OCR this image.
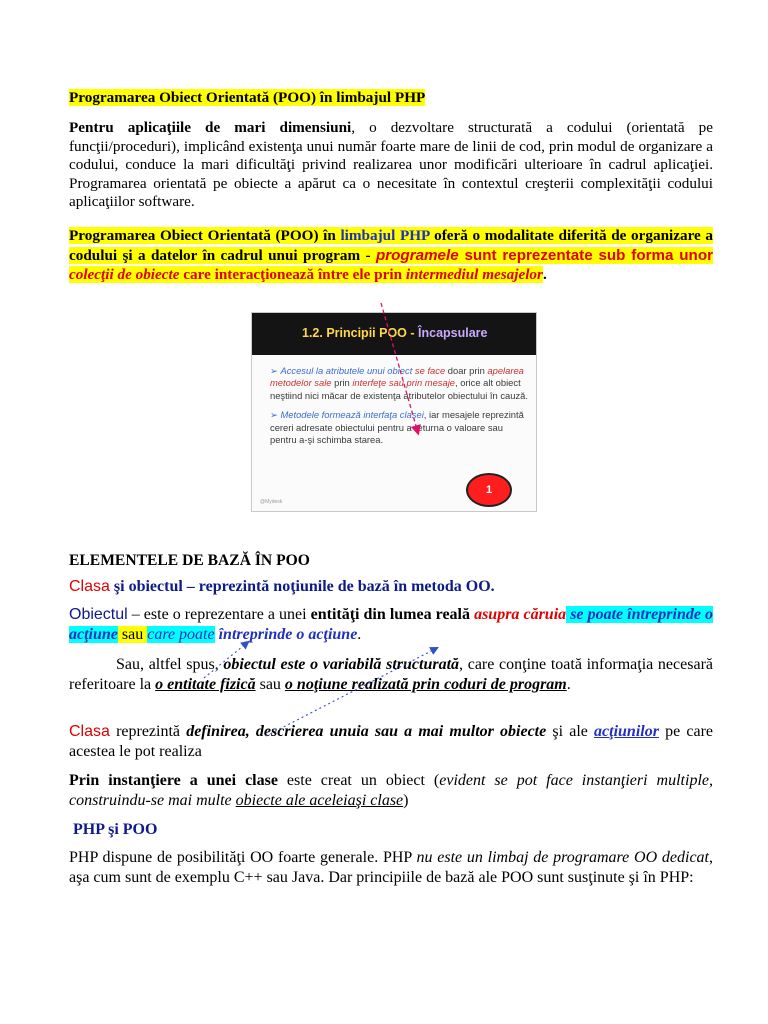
Programarea Obiect Orientată (POO) în limbajul PHP

Pentru aplicaţiile de mari dimensiuni, o dezvoltare structurată a codului (orientată pe funcţii/proceduri), implicând existenţa unui număr foarte mare de linii de cod, prin modul de organizare a codului, conduce la mari dificultăţi privind realizarea unor modificări ulterioare în cadrul aplicaţiei. Programarea orientată pe obiecte a apărut ca o necesitate în contextul creşterii complexităţii codului aplicaţiilor software.

Programarea Obiect Orientată (POO) în limbajul PHP oferă o modalitate diferită de organizare a codului şi a datelor în cadrul unui program - programele sunt reprezentate sub forma unor colecţii de obiecte care interacţionează între ele prin intermediul mesajelor.

1.2. Principii POO - Încapsulare

➢ Accesul la atributele unui obiect se face doar prin apelarea metodelor sale prin interfeţe sau prin mesaje, orice alt obiect neştiind nici măcar de existenţa atributelor obiectului în cauză.

➢ Metodele formează interfaţa clasei, iar mesajele reprezintă cereri adresate obiectului pentru a returna o valoare sau pentru a-şi schimba starea.

@Mydesk
1

ELEMENTELE DE BAZĂ ÎN POO

Clasa şi obiectul – reprezintă noţiunile de bază în metoda OO.

Obiectul – este o reprezentare a unei entităţi din lumea reală asupra căruia se poate întreprinde o acţiune sau care poate întreprinde o acţiune.

Sau, altfel spus, obiectul este o variabilă structurată, care conţine toată informaţia necesară referitoare la o entitate fizică sau o noţiune realizată prin coduri de program.

Clasa reprezintă definirea, descrierea unuia sau a mai multor obiecte şi ale acţiunilor pe care acestea le pot realiza

Prin instanţiere a unei clase este creat un obiect (evident se pot face instanţieri multiple, construindu-se mai multe obiecte ale aceleiaşi clase)

PHP şi POO

PHP dispune de posibilităţi OO foarte generale. PHP nu este un limbaj de programare OO dedicat, aşa cum sunt de exemplu C++ sau Java. Dar principiile de bază ale POO sunt susţinute şi în PHP:
